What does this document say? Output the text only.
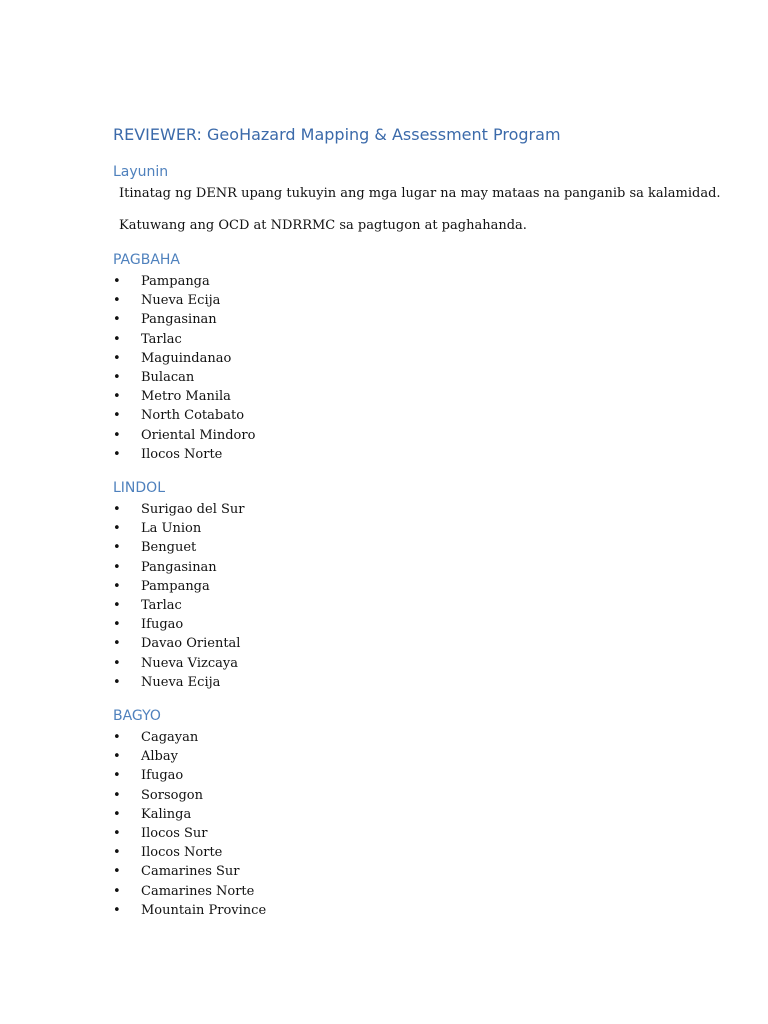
REVIEWER: GeoHazard Mapping & Assessment Program
Layunin

Itinatag ng DENR upang tukuyin ang mga lugar na may mataas na panganib sa kalamidad.

Katuwang ang OCD at NDRRMC sa pagtugon at paghahanda.

PAGBAHA
•	Pampanga
•	Nueva Ecija
•	Pangasinan
•	Tarlac
•	Maguindanao
•	Bulacan
•	Metro Manila
•	North Cotabato
•	Oriental Mindoro
•	Ilocos Norte
LINDOL
•	Surigao del Sur
•	La Union
•	Benguet
•	Pangasinan
•	Pampanga
•	Tarlac
•	Ifugao
•	Davao Oriental
•	Nueva Vizcaya
•	Nueva Ecija
BAGYO
•	Cagayan
•	Albay
•	Ifugao
•	Sorsogon
•	Kalinga
•	Ilocos Sur
•	Ilocos Norte
•	Camarines Sur
•	Camarines Norte
•	Mountain Province
